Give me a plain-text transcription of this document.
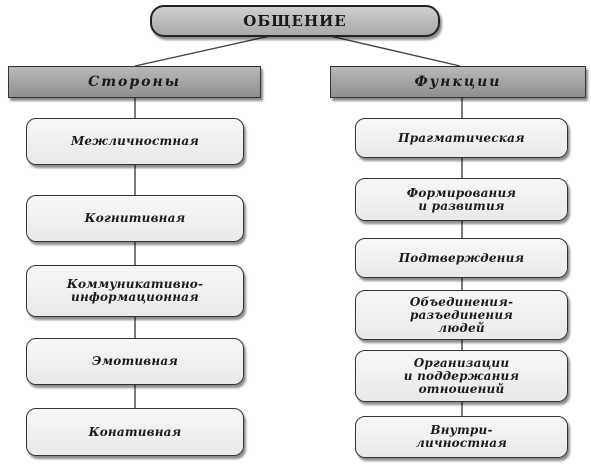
ОБЩЕНИЕ
Стороны	Функции
Межличностная
Когнитивная
Коммуникативно-
информационная
Эмотивная
Конативная
Прагматическая
Формирования
и развития
Подтверждения
Объединения-
разъединения
людей
Организации
и поддержания
отношений
Внутри-
личностная
